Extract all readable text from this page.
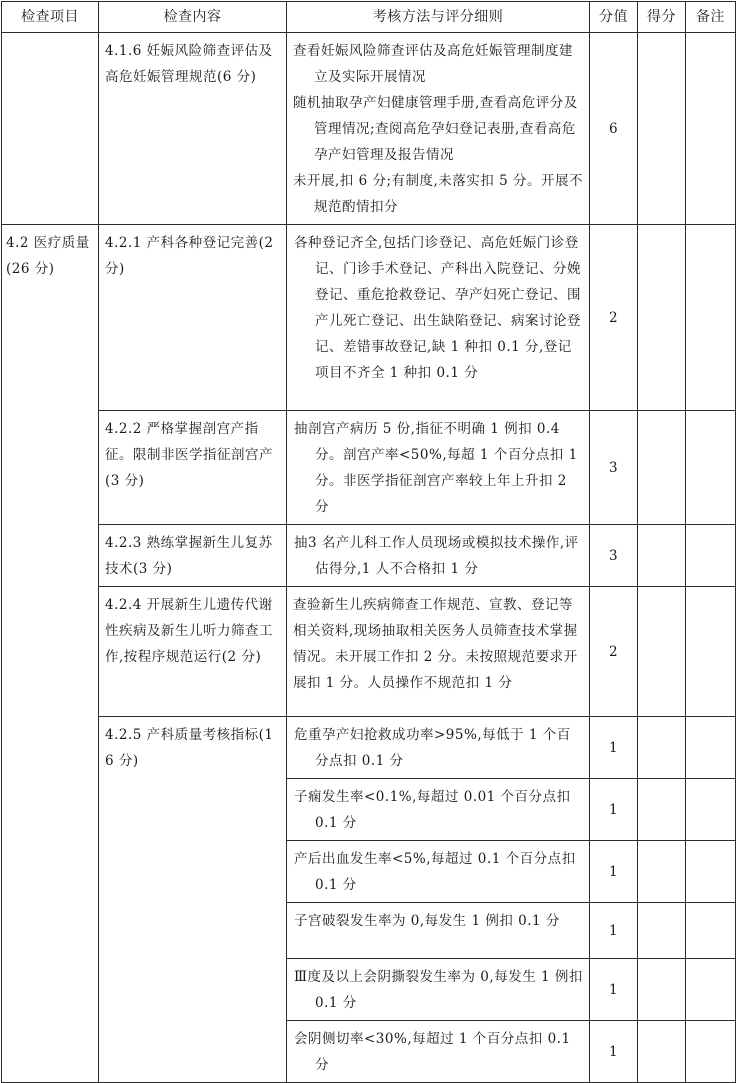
检查项目	检查内容	考核方法与评分细则	分值	得分	备注
	4.1.6 妊娠风险筛查评估及高危妊娠管理规范(6 分)	查看妊娠风险筛查评估及高危妊娠管理制度建立及实际开展情况
随机抽取孕产妇健康管理手册,查看高危评分及管理情况;查阅高危孕妇登记表册,查看高危孕产妇管理及报告情况
未开展,扣 6 分;有制度,未落实扣 5 分。开展不规范酌情扣分	6		
4.2 医疗质量(26 分)	4.2.1 产科各种登记完善(2 分)	各种登记齐全,包括门诊登记、高危妊娠门诊登记、门诊手术登记、产科出入院登记、分娩登记、重危抢救登记、孕产妇死亡登记、围产儿死亡登记、出生缺陷登记、病案讨论登记、差错事故登记,缺 1 种扣 0.1 分,登记项目不齐全 1 种扣 0.1 分	2		
	4.2.2 严格掌握剖宫产指征。限制非医学指征剖宫产(3 分)	抽剖宫产病历 5 份,指征不明确 1 例扣 0.4 分。剖宫产率<50%,每超 1 个百分点扣 1 分。非医学指征剖宫产率较上年上升扣 2 分	3		
	4.2.3 熟练掌握新生儿复苏技术(3 分)	抽3 名产儿科工作人员现场或模拟技术操作,评估得分,1 人不合格扣 1 分	3		
	4.2.4 开展新生儿遗传代谢性疾病及新生儿听力筛查工作,按程序规范运行(2 分)	查验新生儿疾病筛查工作规范、宣教、登记等相关资料,现场抽取相关医务人员筛查技术掌握情况。未开展工作扣 2 分。未按照规范要求开展扣 1 分。人员操作不规范扣 1 分	2		
	4.2.5 产科质量考核指标(16 分)	危重孕产妇抢救成功率>95%,每低于 1 个百分点扣 0.1 分	1		
		子痫发生率<0.1%,每超过 0.01 个百分点扣 0.1 分	1		
		产后出血发生率<5%,每超过 0.1 个百分点扣 0.1 分	1		
		子宫破裂发生率为 0,每发生 1 例扣 0.1 分	1		
		Ⅲ度及以上会阴撕裂发生率为 0,每发生 1 例扣 0.1 分	1		
		会阴侧切率<30%,每超过 1 个百分点扣 0.1 分	1		
